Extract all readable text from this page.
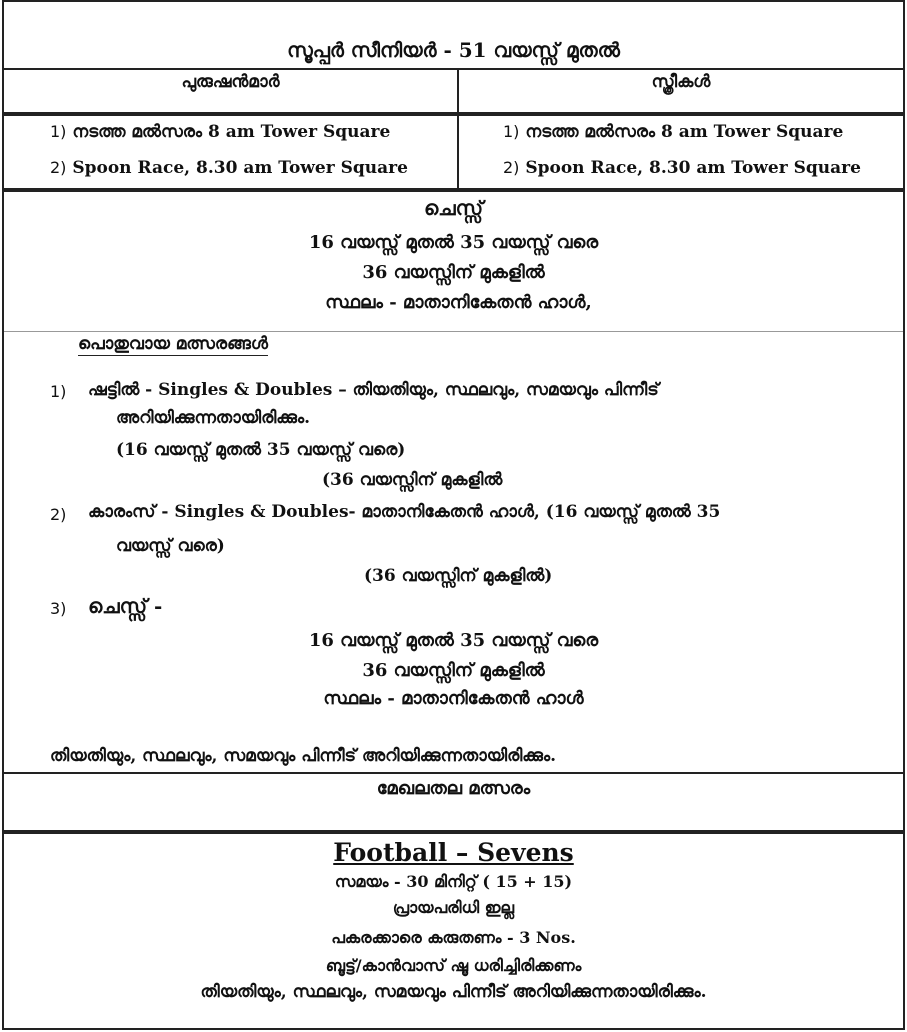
സൂപ്പർ സീനിയർ - 51 വയസ്സ് മുതൽ
പുരുഷൻമാർ	സ്ത്രീകൾ
1) നടത്ത മൽസരം 8 am Tower Square
2) Spoon Race, 8.30 am Tower Square
1) നടത്ത മൽസരം 8 am Tower Square
2) Spoon Race, 8.30 am Tower Square
ചെസ്സ്
16 വയസ്സ് മുതൽ 35 വയസ്സ് വരെ
36 വയസ്സിന് മുകളിൽ
സ്ഥലം - മാതാനികേതൻ ഹാൾ,
പൊതുവായ മത്സരങ്ങൾ
1) ഷട്ടിൽ - Singles & Doubles – തിയതിയും, സ്ഥലവും, സമയവും പിന്നീട്
അറിയിക്കുന്നതായിരിക്കും.
(16 വയസ്സ് മുതൽ 35 വയസ്സ് വരെ)
(36 വയസ്സിന് മുകളിൽ
2) കാരംസ് - Singles & Doubles- മാതാനികേതൻ ഹാൾ, (16 വയസ്സ് മുതൽ 35
വയസ്സ് വരെ)
(36 വയസ്സിന് മുകളിൽ)
3) ചെസ്സ് -
16 വയസ്സ് മുതൽ 35 വയസ്സ് വരെ
36 വയസ്സിന് മുകളിൽ
സ്ഥലം - മാതാനികേതൻ ഹാൾ
തിയതിയും, സ്ഥലവും, സമയവും പിന്നീട് അറിയിക്കുന്നതായിരിക്കും.
മേഖലതല മത്സരം
Football – Sevens
സമയം - 30 മിനിറ്റ് ( 15 + 15)
പ്രായപരിധി ഇല്ല
പകരക്കാരെ കരുതണം - 3 Nos.
ബൂട്ട്/കാൻവാസ് ഷൂ ധരിച്ചിരിക്കണം
തിയതിയും, സ്ഥലവും, സമയവും പിന്നീട് അറിയിക്കുന്നതായിരിക്കും.
